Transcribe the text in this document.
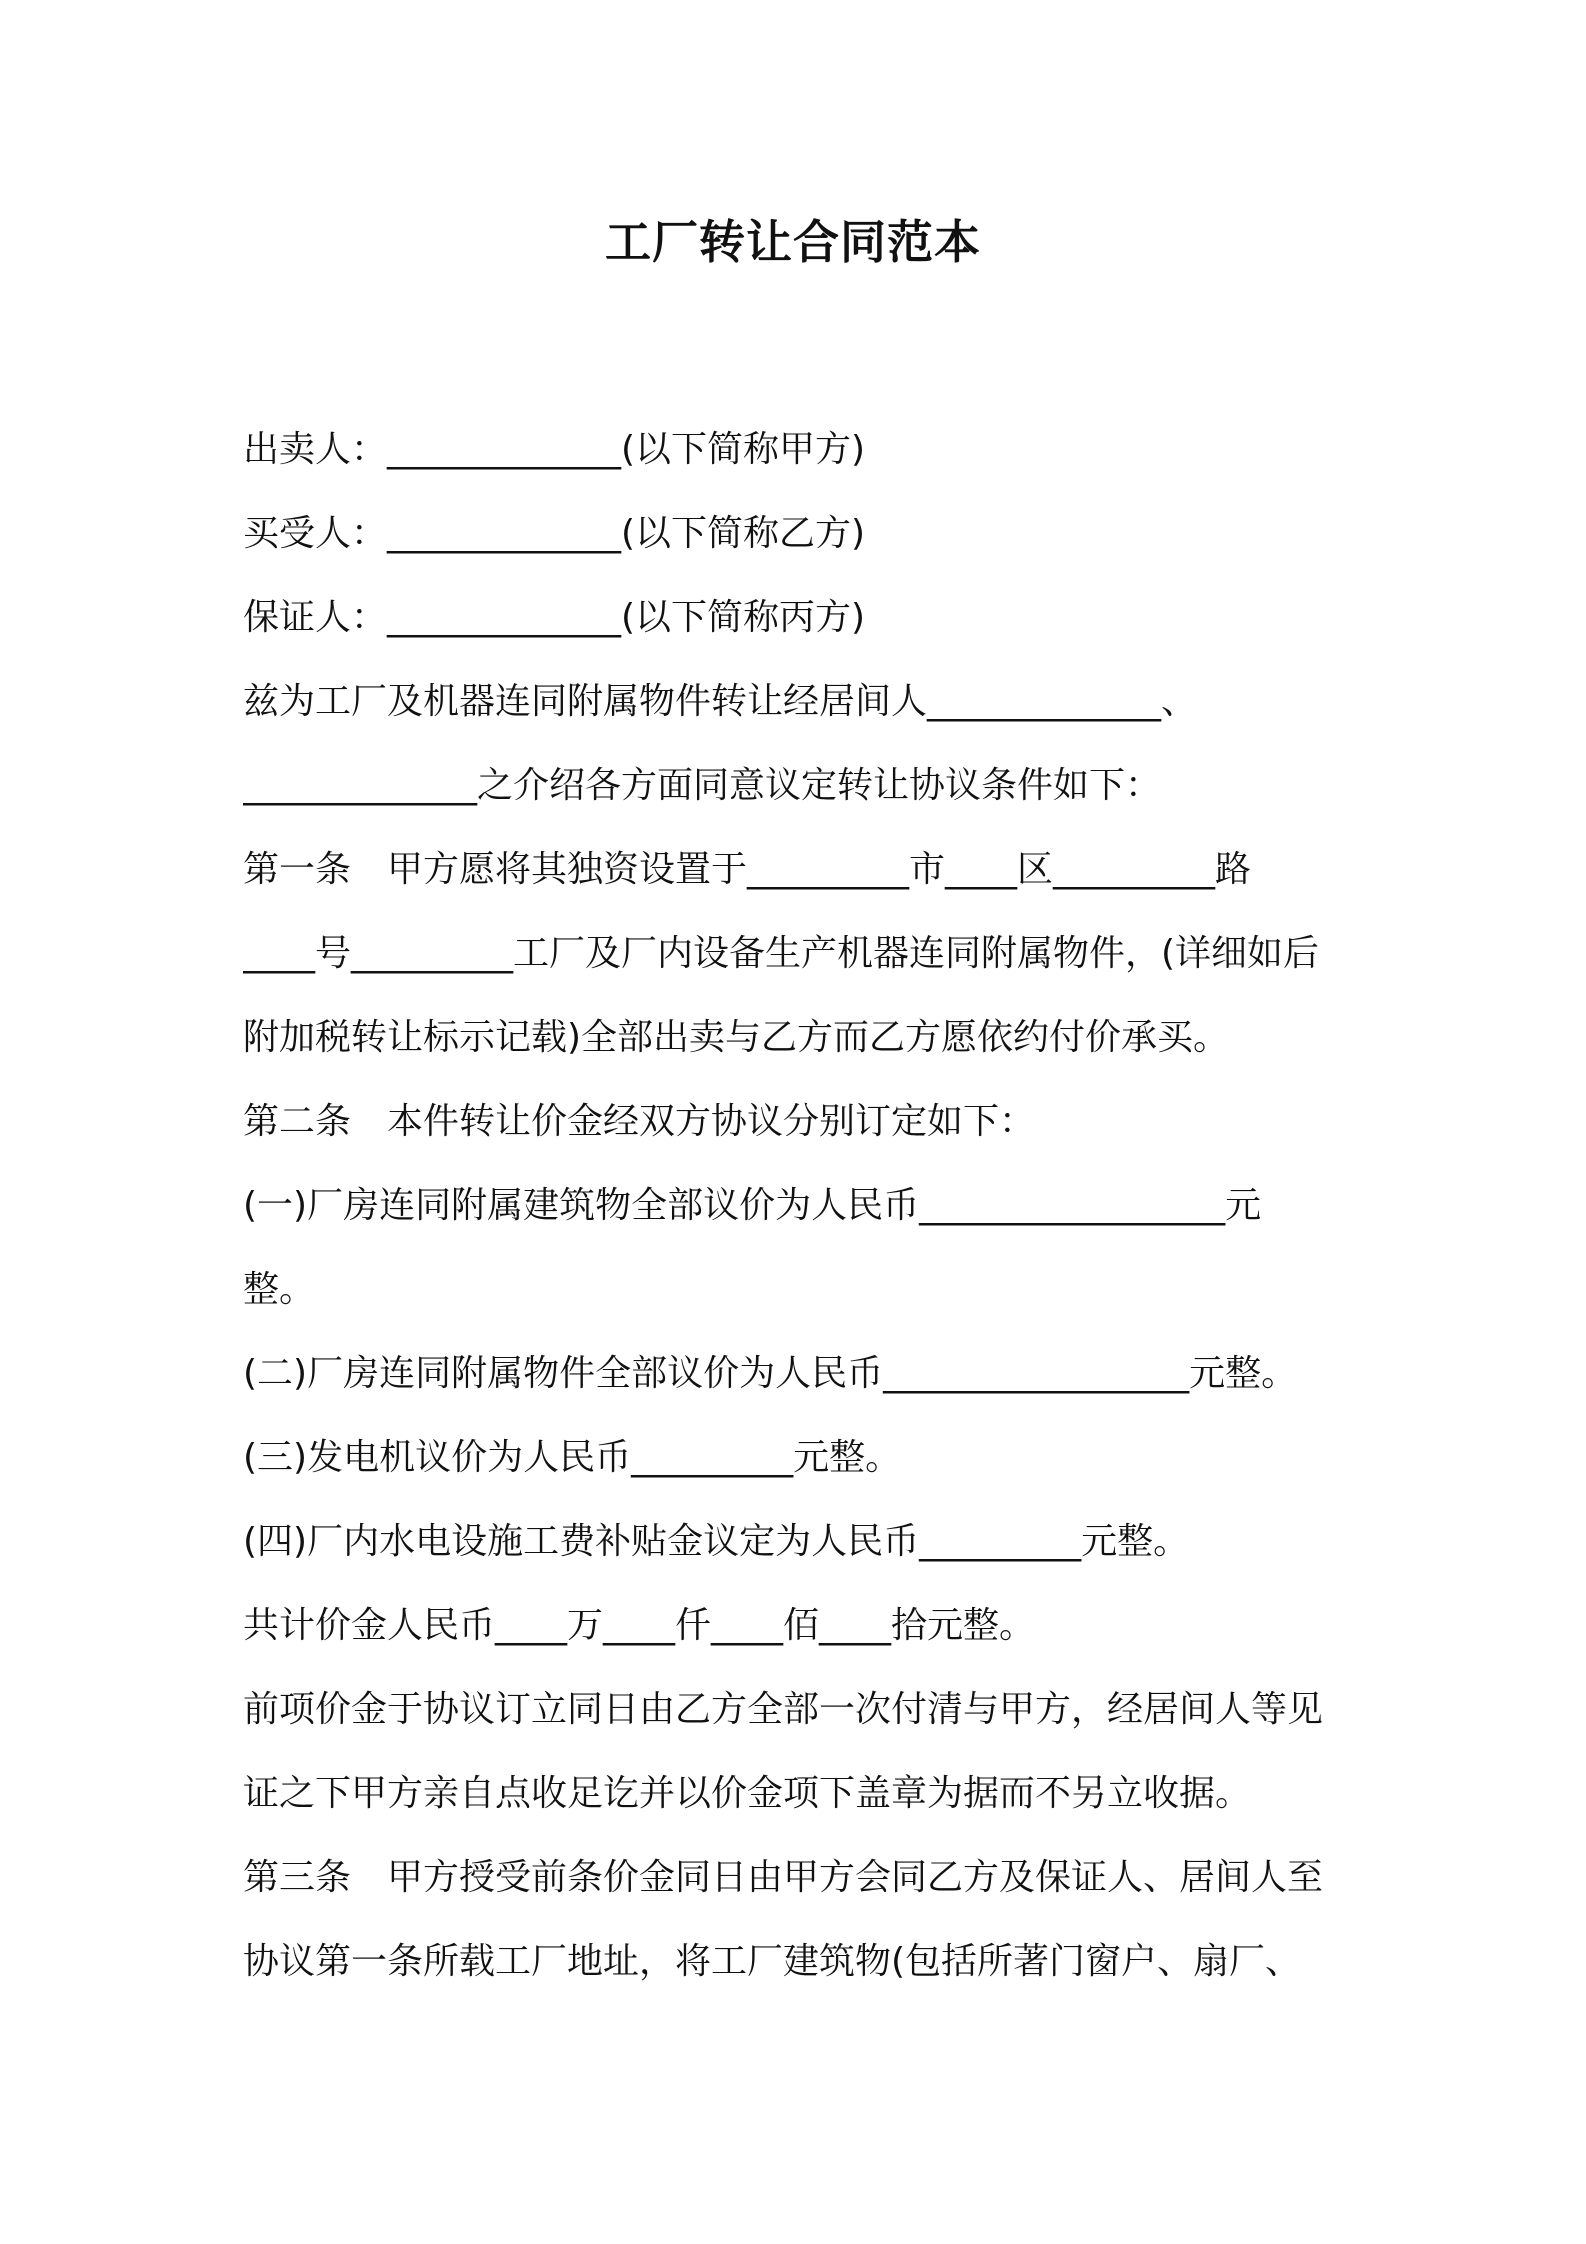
工厂转让合同范本
出卖人：_____________(以下简称甲方)
买受人：_____________(以下简称乙方)
保证人：_____________(以下简称丙方)
兹为工厂及机器连同附属物件转让经居间人_____________、
_____________之介绍各方面同意议定转让协议条件如下：
第一条　甲方愿将其独资设置于_________市____区_________路
____号_________工厂及厂内设备生产机器连同附属物件，(详细如后
附加税转让标示记载)全部出卖与乙方而乙方愿依约付价承买。
第二条　本件转让价金经双方协议分别订定如下：
(一)厂房连同附属建筑物全部议价为人民币_________________元
整。
(二)厂房连同附属物件全部议价为人民币_________________元整。
(三)发电机议价为人民币_________元整。
(四)厂内水电设施工费补贴金议定为人民币_________元整。
共计价金人民币____万____仟____佰____拾元整。
前项价金于协议订立同日由乙方全部一次付清与甲方，经居间人等见
证之下甲方亲自点收足讫并以价金项下盖章为据而不另立收据。
第三条　甲方授受前条价金同日由甲方会同乙方及保证人、居间人至
协议第一条所载工厂地址，将工厂建筑物(包括所著门窗户、扇厂、
